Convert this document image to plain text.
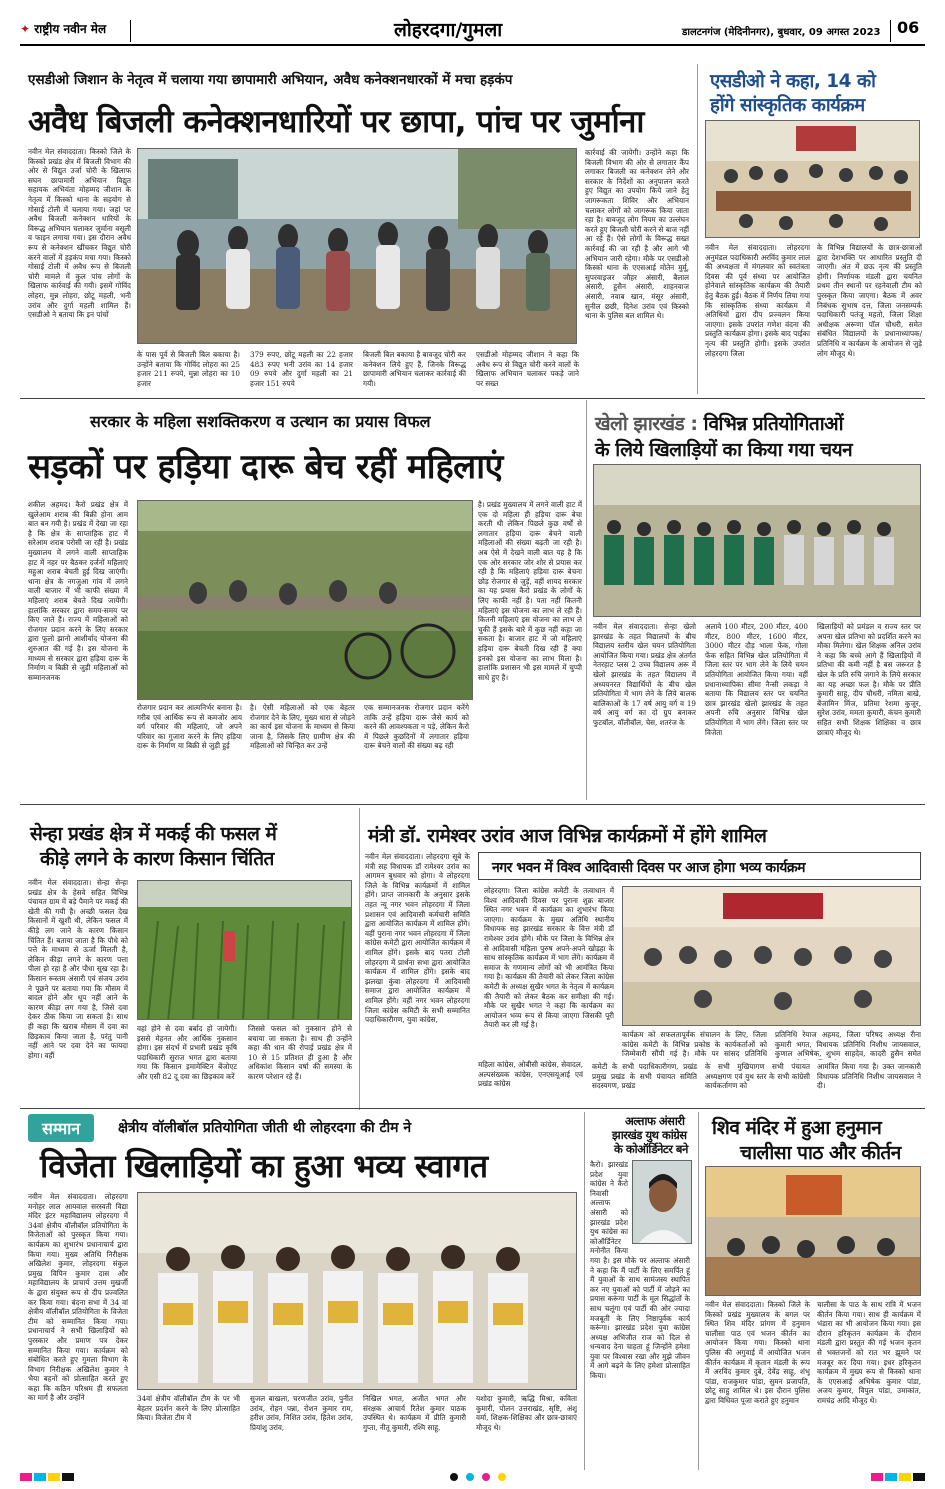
✦ राष्ट्रीय नवीन मेल	लोहरदगा/गुमला	डालटनगंज (मेदिनीनगर), बुधवार, 09 अगस्त 2023 06
एसडीओ जिशान के नेतृत्व में चलाया गया छापामारी अभियान, अवैध कनेक्शनधारकों में मचा हड़कंप
अवैध बिजली कनेक्शनधारियों पर छापा, पांच पर जुर्माना
नवीन मेल संवाददाता। किस्को जिले के किस्को प्रखंड क्षेत्र में बिजली विभाग की ओर से विद्युत उर्जा चोरी के खिलाफ सघन छापामारी अभियान विद्युत सहायक अभियंता मोहम्मद जीशान के नेतृत्व में किस्को थाना के सहयोग से गोसाई टोली में चलाया गया। जहां पर अवैध बिजली कनेक्शन धारियों के विरूद्ध अभियान चलाकर जुर्माना वसूली व फाइन लगाया गया। इस दौरान अवैध रूप से कनेक्शन खींचकर विद्युत चोरी करने वालों में हड़कंप मचा गया। किस्को गोसाई टोली में अवैध रूप से बिजली चोरी मामले में कुल पांच लोगों के खिलाफ कार्रवाई की गयी। इसमें गोविंद लोहरा, मुन्न लोहरा, छोटू महली, भनी उरांव और दुर्गा महली शामिल हैं। एसडीओ ने बताया कि इन पांचों
के पास पूर्व से बिजली बिल बकाया है। उन्होंने बताया कि गोविंद लोहरा का 25 हजार 211 रुपये, मुन्ना लोहरा का 10 हजार
379 रुपए, छोटू महली का 22 हजार 483 रुपए भनी उरांव का 14 हजार 09 रुपये और दुर्गा महली का 21 हजार 151 रुपये
बिजली बिल बकाया है बावजूद चोरी कर कनेक्शन लिये हुए हैं, जिनके विरूद्ध छापामारी अभियान चलाकर कार्रवाई की गयी।
एसडीओ मोहम्मद जीशान ने कहा कि अवैध रूप से विद्युत चोरी करने वालों के खिलाफ अभियान चलाकर पकड़े जाने पर सख्त
कार्रवाई की जायेगी। उन्होंने कहा कि बिजली विभाग की ओर से लगातार कैंप लगाकर बिजली का कनेक्शन लेने और सरकार के निर्देशों का अनुपालन करते हुए विद्युत का उपयोग किये जाने हेतु जागरूकता शिविर और अभियान चलाकर लोगों को जागरूक किया जाता रहा है। बावजूद लोग नियम का उल्लंघन करते हुए बिजली चोरी करने से बाज नहीं आ रहे हैं। ऐसे लोगों के विरूद्ध सख्त कार्रवाई की जा रही है और आगे भी अभियान जारी रहेगा। मौके पर एसडीओ किस्को थाना के एएसआई मोतेन मुर्मू, सुपरवाइजर जौहर अंसारी, बैलाल अंसारी, हुसैन अंसारी, शाहनवाज अंसारी, नवाब खान, मंसूर अंसारी, सुनील छछी, दिनेश उरांव एवं किस्को थाना के पुलिस बल शामिल थे।
एसडीओ ने कहा, 14 को
होंगे सांस्कृतिक कार्यक्रम
नवीन मेल संवाददाता। लोहरदगा अनुमंडल पदाधिकारी अरविंद कुमार लाल की अध्यक्षता में मंगलवार को स्वतंत्रता दिवस की पूर्व संध्या पर आयोजित होनेवाले सांस्कृतिक कार्यक्रम की तैयारी हेतु बैठक हुई। बैठक में निर्णय लिया गया कि सांस्कृतिक संध्या कार्यक्रम में अतिथियों द्वारा दीप प्रज्वलन किया जाएगा। इसके उपरांत गणेश वंदना की प्रस्तुति कार्यक्रम होगा। इसके बाद पाईका नृत्य की प्रस्तुति होगी। इसके उपरांत लोहरदगा जिला
के विभिन्न विद्यालयों के छात्र-छात्राओं द्वारा देशभक्ति पर आधारित प्रस्तुति दी जाएगी। अंत में छऊ नृत्य की प्रस्तुति होगी। निर्णायक मंडली द्वारा चयनित प्रथम तीन स्थानों पर रहनेवाली टीम को पुरस्कृत किया जाएगा। बैठक में अवर निबंधक सुभाष दत्त, जिला जनसम्पर्क पदाधिकारी पतंजू महतो, जिला शिक्षा अधीक्षक अरूणा पॉल चौधरी, समेत संबंधित विद्यालयों के प्रधानाध्यापक/प्रतिनिधि व कार्यक्रम के आयोजन से जुड़े लोग मौजूद थे।
सरकार के महिला सशक्तिकरण व उत्थान का प्रयास विफल
सड़कों पर हड़िया दारू बेच रहीं महिलाएं
शकील अहमद। कैरो प्रखंड क्षेत्र में खुलेआम शराब की बिक्री होना आम बात बन गयी है। प्रखंड में देखा जा रहा है कि क्षेत्र के साप्ताहिक हाट में सरेआम शराब परोसी जा रही है। प्रखंड मुख्यालय में लगने वाली साप्ताहिक हाट में नहर पर बैठकर दर्जनों महिलाएं महुआ शराब बेचती हुई दिख जाएंगी। थाना क्षेत्र के नगजुआ गांव में लगने वाली बाजार में भी काफी संख्या में महिलाएं शराब बेचते दिख जायेंगी। हालांकि सरकार द्वारा समय-समय पर किए जाते हैं। राज्य में महिलाओं को रोजगार प्रदान करने के लिए सरकार द्वारा फूलो झानो आशीर्वाद योजना की शुरुआत की गई है। इस योजना के माध्यम से सरकार द्वारा हड़िया दारू के निर्माण व बिक्री से जुड़ी महिलाओं को सम्मानजनक
रोजगार प्रदान कर आत्मनिर्भर बनाना है। गरीब एवं आर्थिक रूप से कमजोर आय वर्ग परिवार की महिलाएं, जो अपने परिवार का गुजारा करने के लिए हड़िया दारू के निर्माण या बिक्री से जुड़ी हुई
है। ऐसी महिलाओं को एक बेहतर रोजगार देने के लिए, मुख्य धारा से जोड़ने का कार्य इस योजना के माध्यम से किया जाना है, जिसके लिए ग्रामीण क्षेत्र की महिलाओं को चिन्हित कर उन्हें
एक सम्मानजनक रोजगार प्रदान करेंगे ताकि उन्हें हड़िया दारू जैसे कार्य को करने की आवश्यकता न पड़े, लेकिन कैरो में पिछले कुछदिनों में लगातार हड़िया दारू बेचने वालों की संख्या बढ़ रही
है। प्रखंड मुख्यालय में लगने वाली हाट में एक दो महिला ही हड़िया दारू बेचा करती थी लेकिन पिछले कुछ वर्षों से लगातार हड़िया दारू बेचने वाली महिलाओं की संख्या बढ़ती जा रही है। अब ऐसे में देखने वाली बात यह है कि एक ओर सरकार जोर शोर से प्रयास कर रही है कि महिलाएं हड़िया दारू बेचना छोड़ रोजगार से जुड़ें, वहीं शायद सरकार का यह प्रयास कैरो प्रखंड के लोगों के लिए काफी नहीं है। पता नहीं कितनी महिलाएं इस योजना का लाभ ले रही हैं। कितनी महिलाएं इस योजना का लाभ ले चुकी हैं इसके बारे में कुछ नहीं कहा जा सकता है। बाजार हाट में जो महिलाएं हड़िया दारू बेचती दिख रही हैं क्या इनको इस योजना का लाभ मिला है। हालांकि प्रशासन भी इस मामले में चुप्पी साधे हुए है।
खेलो झारखंड : विभिन्न प्रतियोगिताओं
के लिये खिलाड़ियों का किया गया चयन
नवीन मेल संवाददाता। सेन्हा खेलो झारखंड के तहत विद्यालयों के बीच विद्यालय स्तरीय खेल चयन प्रतियोगिता आयोजित किया गया। प्रखंड क्षेत्र अंतर्गत नेतरहाट प्लस 2 उच्च विद्यालय अरू में खेलो झारखंड के तहत विद्यालय में अध्ययनरत विद्यार्थियों के बीच खेल प्रतियोगिता में भाग लेने के लिये बालक बालिकाओं के 17 वर्ष आयु वर्ग व 19 वर्ष आयु वर्ग का दो ग्रुप बनाकर फुटबॉल, वॉलीबॉल, चेस, शतरंज के
अलावे 100 मीटर, 200 मीटर, 400 मीटर, 800 मीटर, 1600 मीटर, 3000 मीटर दौड़ भाला फेंक, गोला फेंक सहित विभिन्न खेल प्रतियोगिता में जिला स्तर पर भाग लेने के लिये चयन प्रतियोगिता आयोजित किया गया। वहीं प्रधानाध्यापिका सीमा नैन्सी लकड़ा ने बताया कि विद्यालय स्तर पर चयनित छात्र झारखंड खेलो झारखंड के तहत अपनी रुचि अनुसार विभिन्न खेल प्रतियोगिता में भाग लेंगे। जिला स्तर पर विजेता
खिलाड़ियों को प्रमंडल व राज्य स्तर पर अपना खेल प्रतिभा को प्रदर्शित करने का मौका मिलेगा। खेल शिक्षक अनिल उरांव ने कहा कि बच्चे आगे हैं खिलाड़ियों में प्रतिभा की कमी नहीं है बस जरूरत है खेल के प्रति रुचि जगाने के लिये सरकार का यह अच्छा फल है। मौके पर प्रीति कुमारी साहू, दीप चौधरी, नमिता बाखे, बेंजामिन मिंज, प्रतिमा रेशमा कुजूर, सुरेश उरांव, ममता कुमारी, कंचन कुमारी सहित सभी शिक्षक शिक्षिका व छात्र छात्राएं मौजूद थे।
सेन्हा प्रखंड क्षेत्र में मकई की फसल में
कीड़े लगने के कारण किसान चिंतित
नवीन मेल संवाददाता। सेन्हा सेन्हा प्रखंड क्षेत्र के हेसवे सहित विभिन्न पंचायत ग्राम में बड़े पैमाने पर मकई की खेती की गयी है। अच्छी फसल देख किसानों में खुशी थी, लेकिन फसल में कीड़े लग जाने के कारण किसान चिंतित हैं। बताया जाता है कि पौधे को पत्ते के माध्यम से ऊर्जा मिलती है, लेकिन कीड़ा लगने के कारण पत्ता पीला हो रहा है और पौधा सूख रहा है। किसान रूस्तम अंसारी एवं संजय उरांव ने पूछने पर बताया गया कि मौसम में बादल होने और धूप नहीं आने के कारण कीड़ा लग गया है, जिसे दवा देकर ठीक किया जा सकता है। साथ ही कहा कि खराब मौसम में दवा का छिड़काव किया जाता है, परंतु पानी नहीं आने पर दवा देने का फायदा होगा। वहीं
वहां होने से दवा बर्बाद हो जायेगी। इससे मेहनत और आर्थिक नुकसान होगा। इस संदर्भ में प्रभारी प्रखंड कृषि पदाधिकारी सुराज भगत द्वारा बताया गया कि किसान इमामेक्टिन बेंजोएट और एसी 82 दू दवा का छिड़काव करें
जिससे फसल को नुकसान होने से बचाया जा सकता है। साथ ही उन्होंने कहा की धान की रोपाई प्रखंड क्षेत्र में 10 से 15 प्रतिशत ही हुआ है और अधिकांश किसान वर्षा की समस्या के कारण परेशान रहे हैं।
मंत्री डॉ. रामेश्वर उरांव आज विभिन्न कार्यक्रमों में होंगे शामिल
नवीन मेल संवाददाता। लोहरदगा सूबे के मंत्री सह विधायक डॉ रामेश्वर उरांव का आगमन बुधवार को होगा। वे लोहरदगा जिले के विभिन्न कार्यक्रमों में शामिल होंगे। प्राप्त जानकारी के अनुसार इसके तहत न्यू नगर भवन लोहरदगा में जिला प्रशासन एवं आदिवासी कर्मचारी समिति द्वारा आयोजित कार्यक्रम में शामिल होंगे। वहीं पुराना नगर भवन लोहरदगा में जिला कांग्रेस कमेटी द्वारा आयोजित कार्यक्रम में शामिल होंगे। इसके बाद पतरा टोली लोहरदगा में प्रार्थना सभा द्वारा आयोजित कार्यक्रम में शामिल होंगे। इसके बाद झलखा कुंबा लोहरदगा में आदिवासी समाज द्वारा आयोजित कार्यक्रम में शामिल होंगे। वहीं नगर भवन लोहरदगा जिला कांग्रेस कमिटी के सभी सम्मानित पदाधिकारीगण, युवा कांग्रेस,
महिला कांग्रेस, ओबीसी कांग्रेस, सेवादल, अल्पसंख्यक कांग्रेस, एनएसयूआई एवं प्रखंड कांग्रेस
नगर भवन में विश्व आदिवासी दिवस पर आज होगा भव्य कार्यक्रम
लोहरदगा। जिला कांग्रेस कमेटी के तत्वाधान में विश्व आदिवासी दिवस पर पुराना शुक्र बाजार स्थित नगर भवन में कार्यक्रम का शुभारंभ किया जाएगा। कार्यक्रम के मुख्य अतिथि स्थानीय विधायक सह झारखंड सरकार के वित्त मंत्री डॉ रामेश्वर उरांव होंगे। मौके पर जिला के विभिन्न क्षेत्र से आदिवासी महिला पुरुष अपने-अपने खोड़हा के साथ सांस्कृतिक कार्यक्रम में भाग लेंगे। कार्यक्रम में समाज के गणमान्य लोगों को भी आमंत्रित किया गया है। कार्यक्रम की तैयारी को लेकर जिला कांग्रेस कमेटी के अध्यक्ष सुखैर भगत के नेतृत्व में कार्यक्रम की तैयारी को लेकर बैठक कर समीक्षा की गई। मौके पर सुखैर भगत ने कहा कि कार्यक्रम का आयोजन भव्य रूप से किया जाएगा जिसकी पूरी तैयारी कर ली गई है।
कार्यक्रम को सफलतापूर्वक संचालन के लिए, जिला कांग्रेस कमेटी के विभिन्न प्रकोष्ठ के कार्यकर्ताओं को जिम्मेवारी सौंपी गई है। मौके पर सांसद प्रतिनिधि
प्रतिनिधि रेयाज अहमद, जिला परिषद अध्यक्ष रीना कुमारी भगत, विधायक प्रतिनिधि निशीथ जायसवाल, कुणाल अभिषेक, शुभम साहदेव, कादरी हुसैन समेत
कमेटी के सभी पदाधिकारीगण, प्रखंड प्रमुख प्रखंड के सभी पंचायत समिति सदस्यगण, प्रखंड
के सभी मुखियागण सभी पंचायत अध्यक्षगण एवं युथ स्तर के सभी कांग्रेसी कार्यकर्तागण को
आमंत्रित किया गया है। उक्त जानकारी विधायक प्रतिनिधि निशीथ जायसवाल ने दी।
सम्मान	क्षेत्रीय वॉलीबॉल प्रतियोगिता जीती थी लोहरदगा की टीम ने
विजेता खिलाड़ियों का हुआ भव्य स्वागत
नवीन मेल संवाददाता। लोहरदगा मनोहर लाल आयवाल सरस्वती विद्या मंदिर इंटर महाविद्यालय लोहरदगा में 34वां क्षेत्रीय वॉलीबॉल प्रतियोगिता के विजेताओं को पुरस्कृत किया गया। कार्यक्रम का शुभारंभ प्रधानाचार्य द्वारा किया गया। मुख्य अतिथि निरीक्षक अखिलेश कुमार, लोहरदगा संकुल प्रमुख विपिन कुमार दास और महाविद्यालय के प्राचार्य उत्तम मुखर्जी के द्वारा संयुक्त रूप से दीप प्रज्वलित कर किया गया। बंदना सभा में 34 वां क्षेत्रीय वॉलीबॉल प्रतियोगिता के विजेता टीम को सम्मानित किया गया। प्रधानाचार्य ने सभी खिलाड़ियों को पुरस्कार और प्रमाण पत्र देकर सम्मानित किया गया। कार्यक्रम को संबोधित करते हुए गुमला विभाग के विभाग निरीक्षक अखिलेश कुमार ने भैया बहनों को प्रोत्साहित करते हुए कहा कि कठिन परिश्रम ही सफलता का मार्ग है और उन्होंने	34वां क्षेत्रीय वॉलीबॉल टीम के पर भी बेहतर प्रदर्शन करने के लिए प्रोत्साहित किया। विजेता टीम में
सुजल बाखला, चरणजीत उरांव, पुनीत उरांव, रोहन पन्ना, रोशन कुमार राम, हरीश उरांव, निशित उरांव, हितेश उरांव, प्रियांशु उरांव,
निखिल भगत, अजीत भगत और संरक्षक आचार्य रितेश कुमार पाठक उपस्थित थे। कार्यक्रम में प्रीति कुमारी गुप्ता, नीतू कुमारी, रश्मि साहू,
यशोदा कुमारी, ऋद्धि मिश्रा, कविता कुमारी, पोलन उत्तराखंड, सृष्टि, अंशू वर्मा, शिक्षक-शिक्षिका और छात्र-छात्राएं मौजूद थे।
अल्ताफ अंसारी
झारखंड युथ कांग्रेस
के कोऑर्डिनेटर बने
कैरो। झारखंड प्रदेश युवा कांग्रेस ने कैरो निवासी अल्ताफ अंसारी को झारखंड प्रदेश युथ कांग्रेस का कोऑर्डिनेटर मनोनीत किया गया है। इस मौके पर अल्ताफ अंसारी ने कहा कि मैं पार्टी के लिए समर्पित हूं मैं युवाओं के साथ सामंजस्य स्थापित कर नए युवाओं को पार्टी में जोड़ने का प्रयास करूंगा पार्टी के मूल सिद्धांतों के साथ चलूंगा एवं पार्टी की ओर ज्यादा मजबूती के लिए निष्ठापूर्वक कार्य करूंगा। झारखंड प्रदेश युवा कांग्रेस अध्यक्ष अभिजीत राज को दिल से धन्यवाद देना चाहता हूं जिन्होंने हमेशा युवा पर विश्वास रखा और मुझे जीवन में आगे बढ़ने के लिए हमेशा प्रोत्साहित किया।
शिव मंदिर में हुआ हनुमान
चालीसा पाठ और कीर्तन
नवीन मेल संवाददाता। किस्को जिले के किस्को प्रखंड मुख्यालय के बगल पर स्थित शिव मंदिर प्रांगण में हनुमान चालीसा पाठ एवं भजन कीर्तन का आयोजन किया गया। किस्को थाना पुलिस की अगुवाई में आयोजित भजन कीर्तन कार्यक्रम में कृतान मंडली के रूप में अरविंद कुमार दुबे, देवेंद्र साहू, शंभू पांडा, राजकुमार पांडा, सुमन प्रजापति, छोटू साहु शामिल थे। इस दौरान पुलिस द्वारा विधिवत पूजा कराते हुए हनुमान
चालीसा के पाठ के साथ रात्रि में भजन कीर्तन किया गया। साथ ही कार्यक्रम में भंडारा का भी आयोजन किया गया। इस दौरान हरिकृतन कार्यक्रम के दौरान मंडली द्वारा प्रस्तुत की गई भजन कृतन से भक्तजनों को रात भर झूमने पर मजबूर कर दिया गया। इधर हरिकृतन कार्यक्रम में मुख्य रूप से किस्को थाना के एएसआई अभिषेक कुमार पांडा, अजय कुमार, विपुल पांडा, उमाकांत, रामचंद्र आदि मौजूद थे।
